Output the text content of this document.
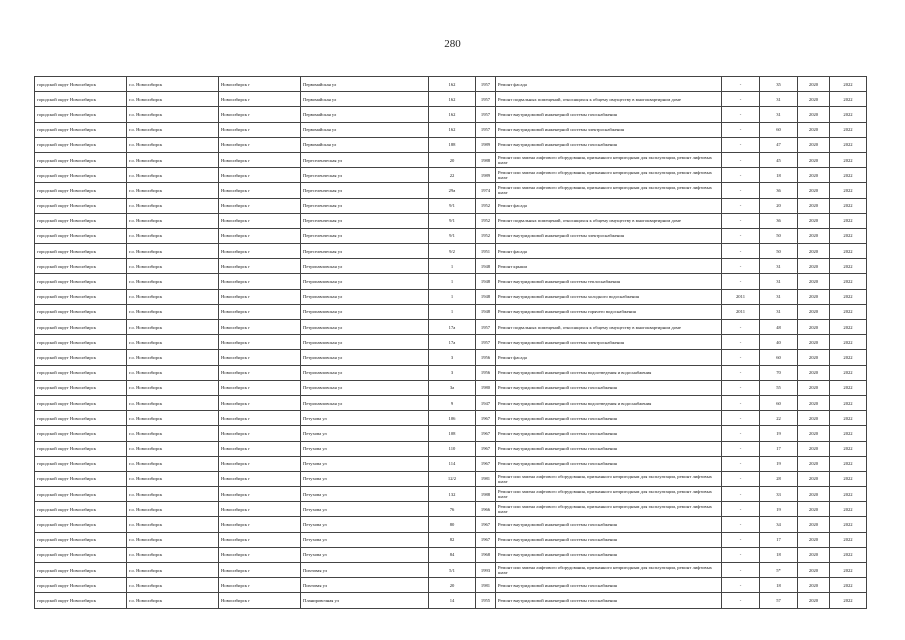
280
городской округ Новосибирск	г.о. Новосибирск	Новосибирск г	Первомайская ул	162	1957	Ремонт фасада	-	35	2020	2022
городской округ Новосибирск	г.о. Новосибирск	Новосибирск г	Первомайская ул	162	1957	Ремонт подвальных помещений, относящихся к общему имуществу в многоквартирном доме	-	31	2020	2022
городской округ Новосибирск	г.о. Новосибирск	Новосибирск г	Первомайская ул	162	1957	Ремонт внутридомовой инженерной системы газоснабжения	-	31	2020	2022
городской округ Новосибирск	г.о. Новосибирск	Новосибирск г	Первомайская ул	162	1957	Ремонт внутридомовой инженерной системы электроснабжения	-	60	2020	2022
городской округ Новосибирск	г.о. Новосибирск	Новосибирск г	Первомайская ул	188	1989	Ремонт внутридомовой инженерной системы газоснабжения	-	47	2020	2022
городской округ Новосибирск	г.о. Новосибирск	Новосибирск г	Переселенческая ул	20	1988	Ремонт или замена лифтового оборудования, признанного непригодным для эксплуатации, ремонт лифтовых шахт	-	45	2020	2022
городской округ Новосибирск	г.о. Новосибирск	Новосибирск г	Переселенческая ул	22	1989	Ремонт или замена лифтового оборудования, признанного непригодным для эксплуатации, ремонт лифтовых шахт	-	18	2020	2022
городской округ Новосибирск	г.о. Новосибирск	Новосибирск г	Переселенческая ул	29а	1974	Ремонт или замена лифтового оборудования, признанного непригодным для эксплуатации, ремонт лифтовых шахт	-	36	2020	2022
городской округ Новосибирск	г.о. Новосибирск	Новосибирск г	Переселенческая ул	9/1	1952	Ремонт фасада	-	20	2020	2022
городской округ Новосибирск	г.о. Новосибирск	Новосибирск г	Переселенческая ул	9/1	1952	Ремонт подвальных помещений, относящихся к общему имуществу в многоквартирном доме	-	36	2020	2022
городской округ Новосибирск	г.о. Новосибирск	Новосибирск г	Переселенческая ул	9/1	1952	Ремонт внутридомовой инженерной системы электроснабжения	-	50	2020	2022
городской округ Новосибирск	г.о. Новосибирск	Новосибирск г	Переселенческая ул	9/2	1951	Ремонт фасада	-	50	2020	2022
городской округ Новосибирск	г.о. Новосибирск	Новосибирск г	Петропавловская ул	1	1948	Ремонт крыши	-	31	2020	2022
городской округ Новосибирск	г.о. Новосибирск	Новосибирск г	Петропавловская ул	1	1948	Ремонт внутридомовой инженерной системы теплоснабжения	-	31	2020	2022
городской округ Новосибирск	г.о. Новосибирск	Новосибирск г	Петропавловская ул	1	1948	Ремонт внутридомовой инженерной системы холодного водоснабжения	2011	31	2020	2022
городской округ Новосибирск	г.о. Новосибирск	Новосибирск г	Петропавловская ул	1	1948	Ремонт внутридомовой инженерной системы горячего водоснабжения	2011	31	2020	2022
городской округ Новосибирск	г.о. Новосибирск	Новосибирск г	Петропавловская ул	17а	1957	Ремонт подвальных помещений, относящихся к общему имуществу в многоквартирном доме	-	48	2020	2022
городской округ Новосибирск	г.о. Новосибирск	Новосибирск г	Петропавловская ул	17а	1957	Ремонт внутридомовой инженерной системы электроснабжения	-	40	2020	2022
городской округ Новосибирск	г.о. Новосибирск	Новосибирск г	Петропавловская ул	3	1956	Ремонт фасада	-	60	2020	2022
городской округ Новосибирск	г.о. Новосибирск	Новосибирск г	Петропавловская ул	3	1956	Ремонт внутридомовой инженерной системы водоотведения и водоснабжения	-	70	2020	2022
городской округ Новосибирск	г.о. Новосибирск	Новосибирск г	Петропавловская ул	3а	1980	Ремонт внутридомовой инженерной системы газоснабжения	-	55	2020	2022
городской округ Новосибирск	г.о. Новосибирск	Новосибирск г	Петропавловская ул	9	1947	Ремонт внутридомовой инженерной системы водоотведения и водоснабжения	-	60	2020	2022
городской округ Новосибирск	г.о. Новосибирск	Новосибирск г	Петухова ул	106	1967	Ремонт внутридомовой инженерной системы газоснабжения	-	22	2020	2022
городской округ Новосибирск	г.о. Новосибирск	Новосибирск г	Петухова ул	108	1967	Ремонт внутридомовой инженерной системы газоснабжения	-	19	2020	2022
городской округ Новосибирск	г.о. Новосибирск	Новосибирск г	Петухова ул	110	1967	Ремонт внутридомовой инженерной системы газоснабжения	-	17	2020	2022
городской округ Новосибирск	г.о. Новосибирск	Новосибирск г	Петухова ул	114	1967	Ремонт внутридомовой инженерной системы газоснабжения	-	19	2020	2022
городской округ Новосибирск	г.о. Новосибирск	Новосибирск г	Петухова ул	12/2	1981	Ремонт или замена лифтового оборудования, признанного непригодным для эксплуатации, ремонт лифтовых шахт	-	28	2020	2022
городской округ Новосибирск	г.о. Новосибирск	Новосибирск г	Петухова ул	132	1988	Ремонт или замена лифтового оборудования, признанного непригодным для эксплуатации, ремонт лифтовых шахт	-	33	2020	2022
городской округ Новосибирск	г.о. Новосибирск	Новосибирск г	Петухова ул	76	1966	Ремонт или замена лифтового оборудования, признанного непригодным для эксплуатации, ремонт лифтовых шахт	-	19	2020	2022
городской округ Новосибирск	г.о. Новосибирск	Новосибирск г	Петухова ул	80	1967	Ремонт внутридомовой инженерной системы газоснабжения	-	34	2020	2022
городской округ Новосибирск	г.о. Новосибирск	Новосибирск г	Петухова ул	82	1967	Ремонт внутридомовой инженерной системы газоснабжения	-	17	2020	2022
городской округ Новосибирск	г.о. Новосибирск	Новосибирск г	Петухова ул	84	1968	Ремонт внутридомовой инженерной системы газоснабжения	-	18	2020	2022
городской округ Новосибирск	г.о. Новосибирск	Новосибирск г	Пихтовая ул	5/1	1993	Ремонт или замена лифтового оборудования, признанного непригодным для эксплуатации, ремонт лифтовых шахт	-	5*	2020	2022
городской округ Новосибирск	г.о. Новосибирск	Новосибирск г	Пихтовая ул	20	1981	Ремонт внутридомовой инженерной системы газоснабжения	-	18	2020	2022
городской округ Новосибирск	г.о. Новосибирск	Новосибирск г	Планировочная ул	14	1955	Ремонт внутридомовой инженерной системы газоснабжения	-	57	2020	2022
